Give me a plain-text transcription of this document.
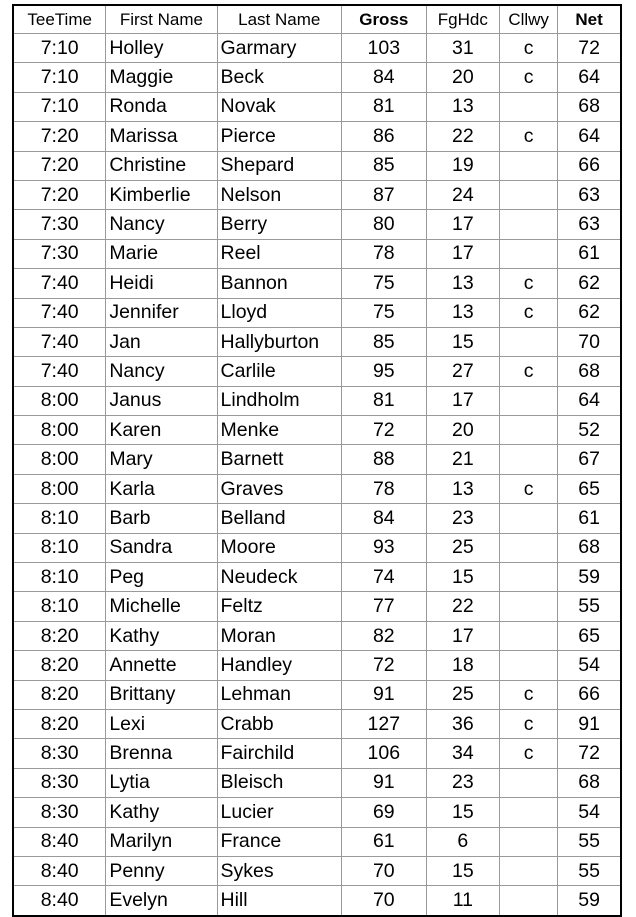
TeeTime	First Name	Last Name	Gross	FgHdc	Cllwy	Net
7:10	Holley	Garmary	103	31	c	72
7:10	Maggie	Beck	84	20	c	64
7:10	Ronda	Novak	81	13		68
7:20	Marissa	Pierce	86	22	c	64
7:20	Christine	Shepard	85	19		66
7:20	Kimberlie	Nelson	87	24		63
7:30	Nancy	Berry	80	17		63
7:30	Marie	Reel	78	17		61
7:40	Heidi	Bannon	75	13	c	62
7:40	Jennifer	Lloyd	75	13	c	62
7:40	Jan	Hallyburton	85	15		70
7:40	Nancy	Carlile	95	27	c	68
8:00	Janus	Lindholm	81	17		64
8:00	Karen	Menke	72	20		52
8:00	Mary	Barnett	88	21		67
8:00	Karla	Graves	78	13	c	65
8:10	Barb	Belland	84	23		61
8:10	Sandra	Moore	93	25		68
8:10	Peg	Neudeck	74	15		59
8:10	Michelle	Feltz	77	22		55
8:20	Kathy	Moran	82	17		65
8:20	Annette	Handley	72	18		54
8:20	Brittany	Lehman	91	25	c	66
8:20	Lexi	Crabb	127	36	c	91
8:30	Brenna	Fairchild	106	34	c	72
8:30	Lytia	Bleisch	91	23		68
8:30	Kathy	Lucier	69	15		54
8:40	Marilyn	France	61	6		55
8:40	Penny	Sykes	70	15		55
8:40	Evelyn	Hill	70	11		59
